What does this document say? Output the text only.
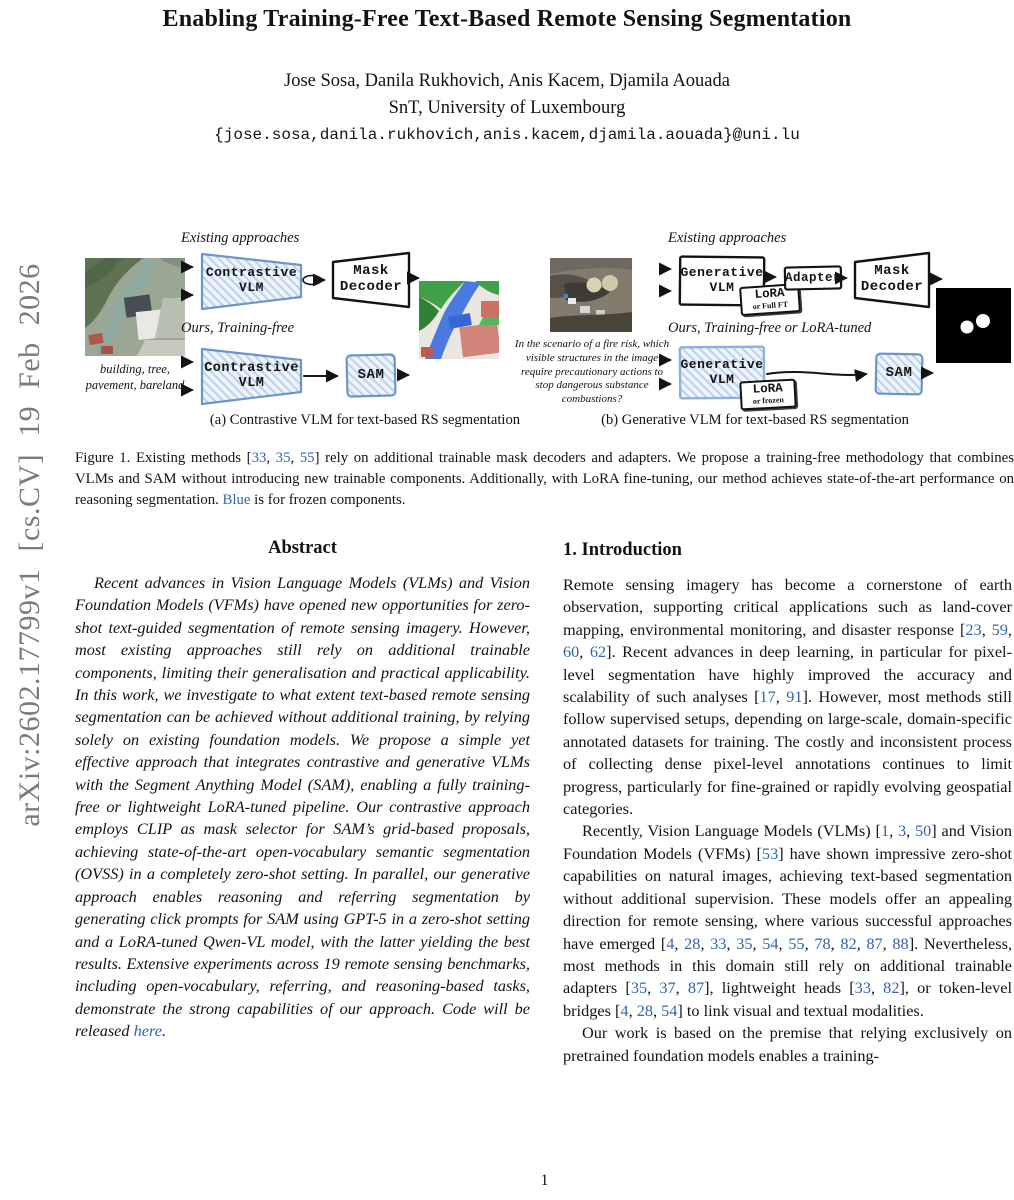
arXiv:2602.17799v1 [cs.CV] 19 Feb 2026
Enabling Training-Free Text-Based Remote Sensing Segmentation
Jose Sosa, Danila Rukhovich, Anis Kacem, Djamila Aouada
SnT, University of Luxembourg
{jose.sosa,danila.rukhovich,anis.kacem,djamila.aouada}@uni.lu
building, tree,
pavement, bareland
Existing approaches
Ours, Training-free
Contrastive
VLM
Mask
Decoder
Contrastive
VLM
SAM
In the scenario of a fire risk, which visible structures in the image require precautionary actions to stop dangerous substance combustions?
Existing approaches
Ours, Training-free or LoRA-tuned
Generative
VLM	LoRA
or Full FT
Adapter Mask
Decoder
Generative
VLM
LoRA
or frozen
SAM
(a) Contrastive VLM for text-based RS segmentation	(b) Generative VLM for text-based RS segmentation
Figure 1. Existing methods [33, 35, 55] rely on additional trainable mask decoders and adapters. We propose a training-free methodology that combines VLMs and SAM without introducing new trainable components. Additionally, with LoRA fine-tuning, our method achieves state-of-the-art performance on reasoning segmentation. Blue is for frozen components.
Abstract

Recent advances in Vision Language Models (VLMs) and Vision Foundation Models (VFMs) have opened new opportunities for zero-shot text-guided segmentation of remote sensing imagery. However, most existing approaches still rely on additional trainable components, limiting their generalisation and practical applicability. In this work, we investigate to what extent text-based remote sensing segmentation can be achieved without additional training, by relying solely on existing foundation models. We propose a simple yet effective approach that integrates contrastive and generative VLMs with the Segment Anything Model (SAM), enabling a fully training-free or lightweight LoRA-tuned pipeline. Our contrastive approach employs CLIP as mask selector for SAM’s grid-based proposals, achieving state-of-the-art open-vocabulary semantic segmentation (OVSS) in a completely zero-shot setting. In parallel, our generative approach enables reasoning and referring segmentation by generating click prompts for SAM using GPT-5 in a zero-shot setting and a LoRA-tuned Qwen-VL model, with the latter yielding the best results. Extensive experiments across 19 remote sensing benchmarks, including open-vocabulary, referring, and reasoning-based tasks, demonstrate the strong capabilities of our approach. Code will be released here.

1. Introduction

Remote sensing imagery has become a cornerstone of earth observation, supporting critical applications such as land-cover mapping, environmental monitoring, and disaster response [23, 59, 60, 62]. Recent advances in deep learning, in particular for pixel-level segmentation have highly improved the accuracy and scalability of such analyses [17, 91]. However, most methods still follow supervised setups, depending on large-scale, domain-specific annotated datasets for training. The costly and inconsistent process of collecting dense pixel-level annotations continues to limit progress, particularly for fine-grained or rapidly evolving geospatial categories.

Recently, Vision Language Models (VLMs) [1, 3, 50] and Vision Foundation Models (VFMs) [53] have shown impressive zero-shot capabilities on natural images, achieving text-based segmentation without additional supervision. These models offer an appealing direction for remote sensing, where various successful approaches have emerged [4, 28, 33, 35, 54, 55, 78, 82, 87, 88]. Nevertheless, most methods in this domain still rely on additional trainable adapters [35, 37, 87], lightweight heads [33, 82], or token-level bridges [4, 28, 54] to link visual and textual modalities.

Our work is based on the premise that relying exclusively on pretrained foundation models enables a training-

1
